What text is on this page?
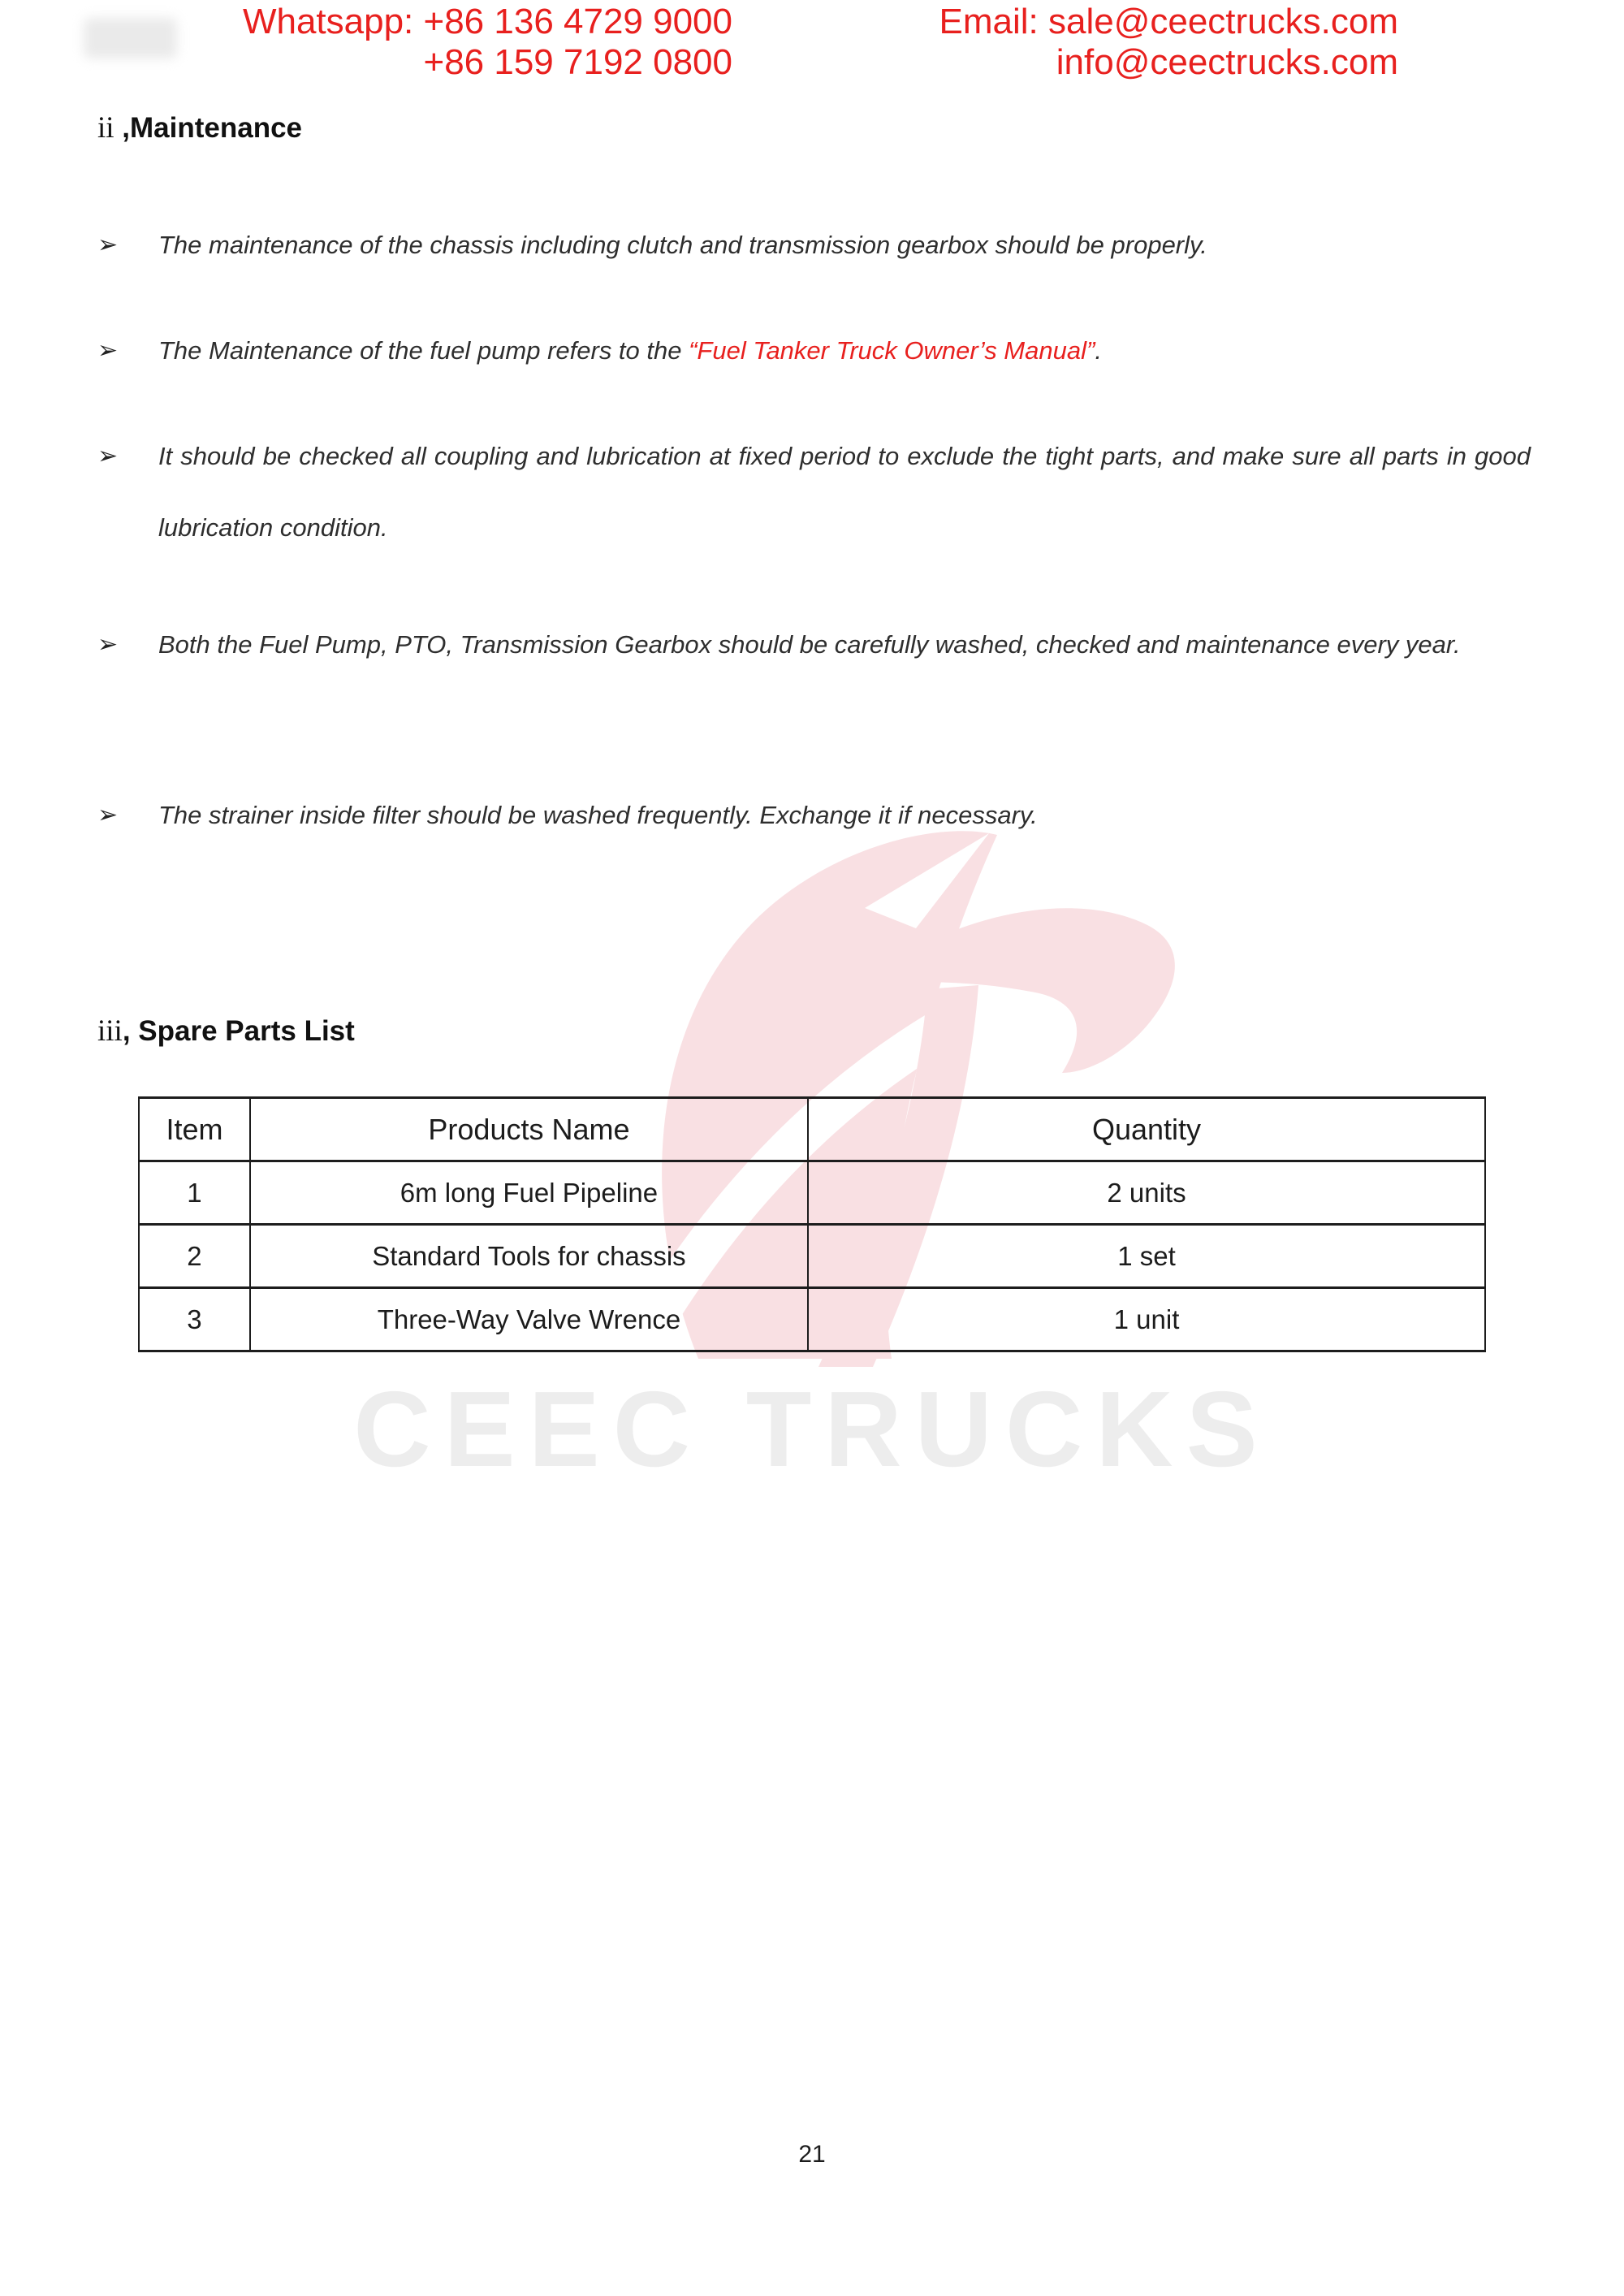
CEEC TRUCKS
Whatsapp: +86 136 4729 9000
+86 159 7192 0800
Email: sale@ceectrucks.com
info@ceectrucks.com
ii ,Maintenance
➢	The maintenance of the chassis including clutch and transmission gearbox should be properly.

➢	The Maintenance of the fuel pump refers to the “Fuel Tanker Truck Owner’s Manual”.

➢	It should be checked all coupling and lubrication at fixed period to exclude the tight parts, and make sure all parts in good lubrication condition.

➢	Both the Fuel Pump, PTO, Transmission Gearbox should be carefully washed, checked and maintenance every year.

➢	The strainer inside filter should be washed frequently. Exchange it if necessary.

iii, Spare Parts List
Item	Products Name	Quantity
1	6m long Fuel Pipeline	2 units
2	Standard Tools for chassis	1 set
3	Three-Way Valve Wrence	1 unit
21
